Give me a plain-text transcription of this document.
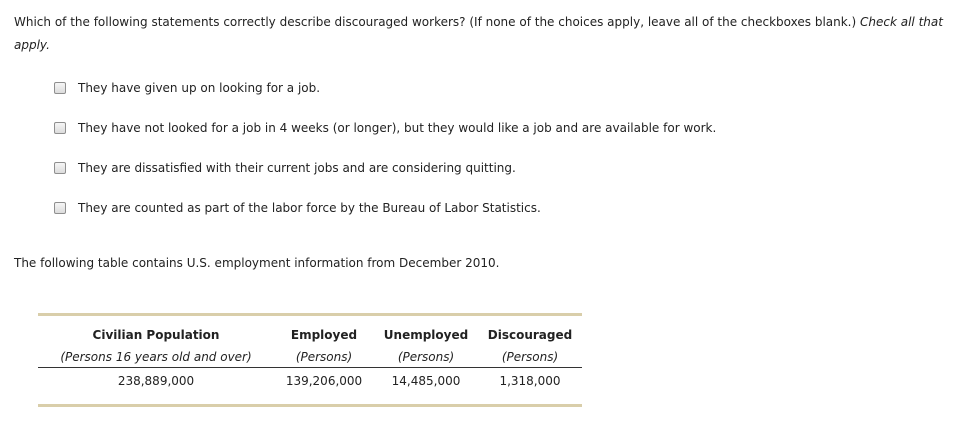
Which of the following statements correctly describe discouraged workers? (If none of the choices apply, leave all of the checkboxes blank.) Check all that apply.

They have given up on looking for a job.
They have not looked for a job in 4 weeks (or longer), but they would like a job and are available for work.
They are dissatisfied with their current jobs and are considering quitting.
They are counted as part of the labor force by the Bureau of Labor Statistics.

The following table contains U.S. employment information from December 2010.

Civilian Population	Employed	Unemployed	Discouraged
(Persons 16 years old and over)	(Persons)	(Persons)	(Persons)
238,889,000	139,206,000	14,485,000	1,318,000
